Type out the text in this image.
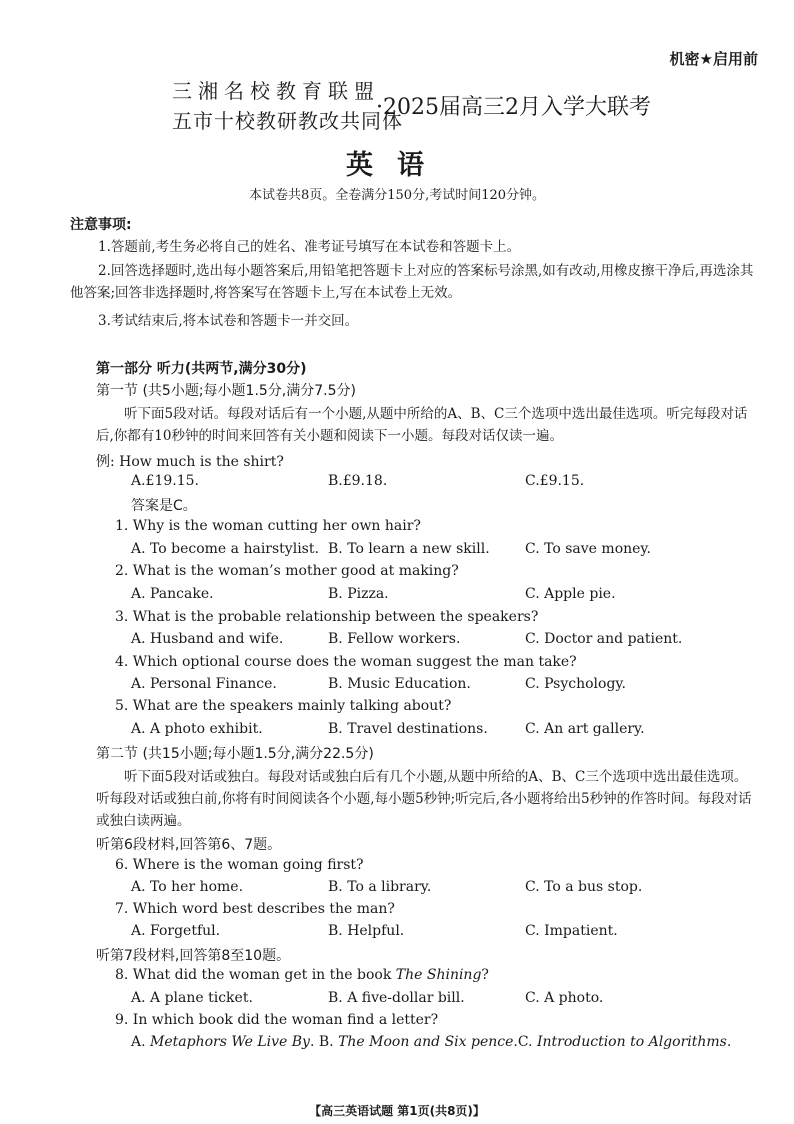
机密★启用前
三湘名校教育联盟
五市十校教研教改共同体
·2025届高三2月入学大联考
英语
本试卷共8页。全卷满分150分,考试时间120分钟。
注意事项:
1.答题前,考生务必将自己的姓名、准考证号填写在本试卷和答题卡上。
2.回答选择题时,选出每小题答案后,用铅笔把答题卡上对应的答案标号涂黑,如有改动,用橡皮擦干净后,再选涂其他答案;回答非选择题时,将答案写在答题卡上,写在本试卷上无效。
3.考试结束后,将本试卷和答题卡一并交回。
第一部分 听力(共两节,满分30分)
第一节 (共5小题;每小题1.5分,满分7.5分)
听下面5段对话。每段对话后有一个小题,从题中所给的A、B、C三个选项中选出最佳选项。听完每段对话后,你都有10秒钟的时间来回答有关小题和阅读下一小题。每段对话仅读一遍。
例: How much is the shirt?
A.£19.15.	B.£9.18.	C.£9.15.
答案是C。
1. Why is the woman cutting her own hair?
A. To become a hairstylist. B. To learn a new skill.	C. To save money.
2. What is the woman’s mother good at making?
A. Pancake.	B. Pizza.	C. Apple pie.
3. What is the probable relationship between the speakers?
A. Husband and wife.	B. Fellow workers.	C. Doctor and patient.
4. Which optional course does the woman suggest the man take?
A. Personal Finance.	B. Music Education.	C. Psychology.
5. What are the speakers mainly talking about?
A. A photo exhibit.	B. Travel destinations.	C. An art gallery.
第二节 (共15小题;每小题1.5分,满分22.5分)
听下面5段对话或独白。每段对话或独白后有几个小题,从题中所给的A、B、C三个选项中选出最佳选项。听每段对话或独白前,你将有时间阅读各个小题,每小题5秒钟;听完后,各小题将给出5秒钟的作答时间。每段对话或独白读两遍。
听第6段材料,回答第6、7题。
6. Where is the woman going first?
A. To her home.	B. To a library.	C. To a bus stop.
7. Which word best describes the man?
A. Forgetful.	B. Helpful.	C. Impatient.
听第7段材料,回答第8至10题。
8. What did the woman get in the book The Shining?
A. A plane ticket.	B. A five-dollar bill.	C. A photo.
9. In which book did the woman find a letter?
A. Metaphors We Live By. B. The Moon and Six pence.C. Introduction to Algorithms.
【高三英语试题 第1页(共8页)】
